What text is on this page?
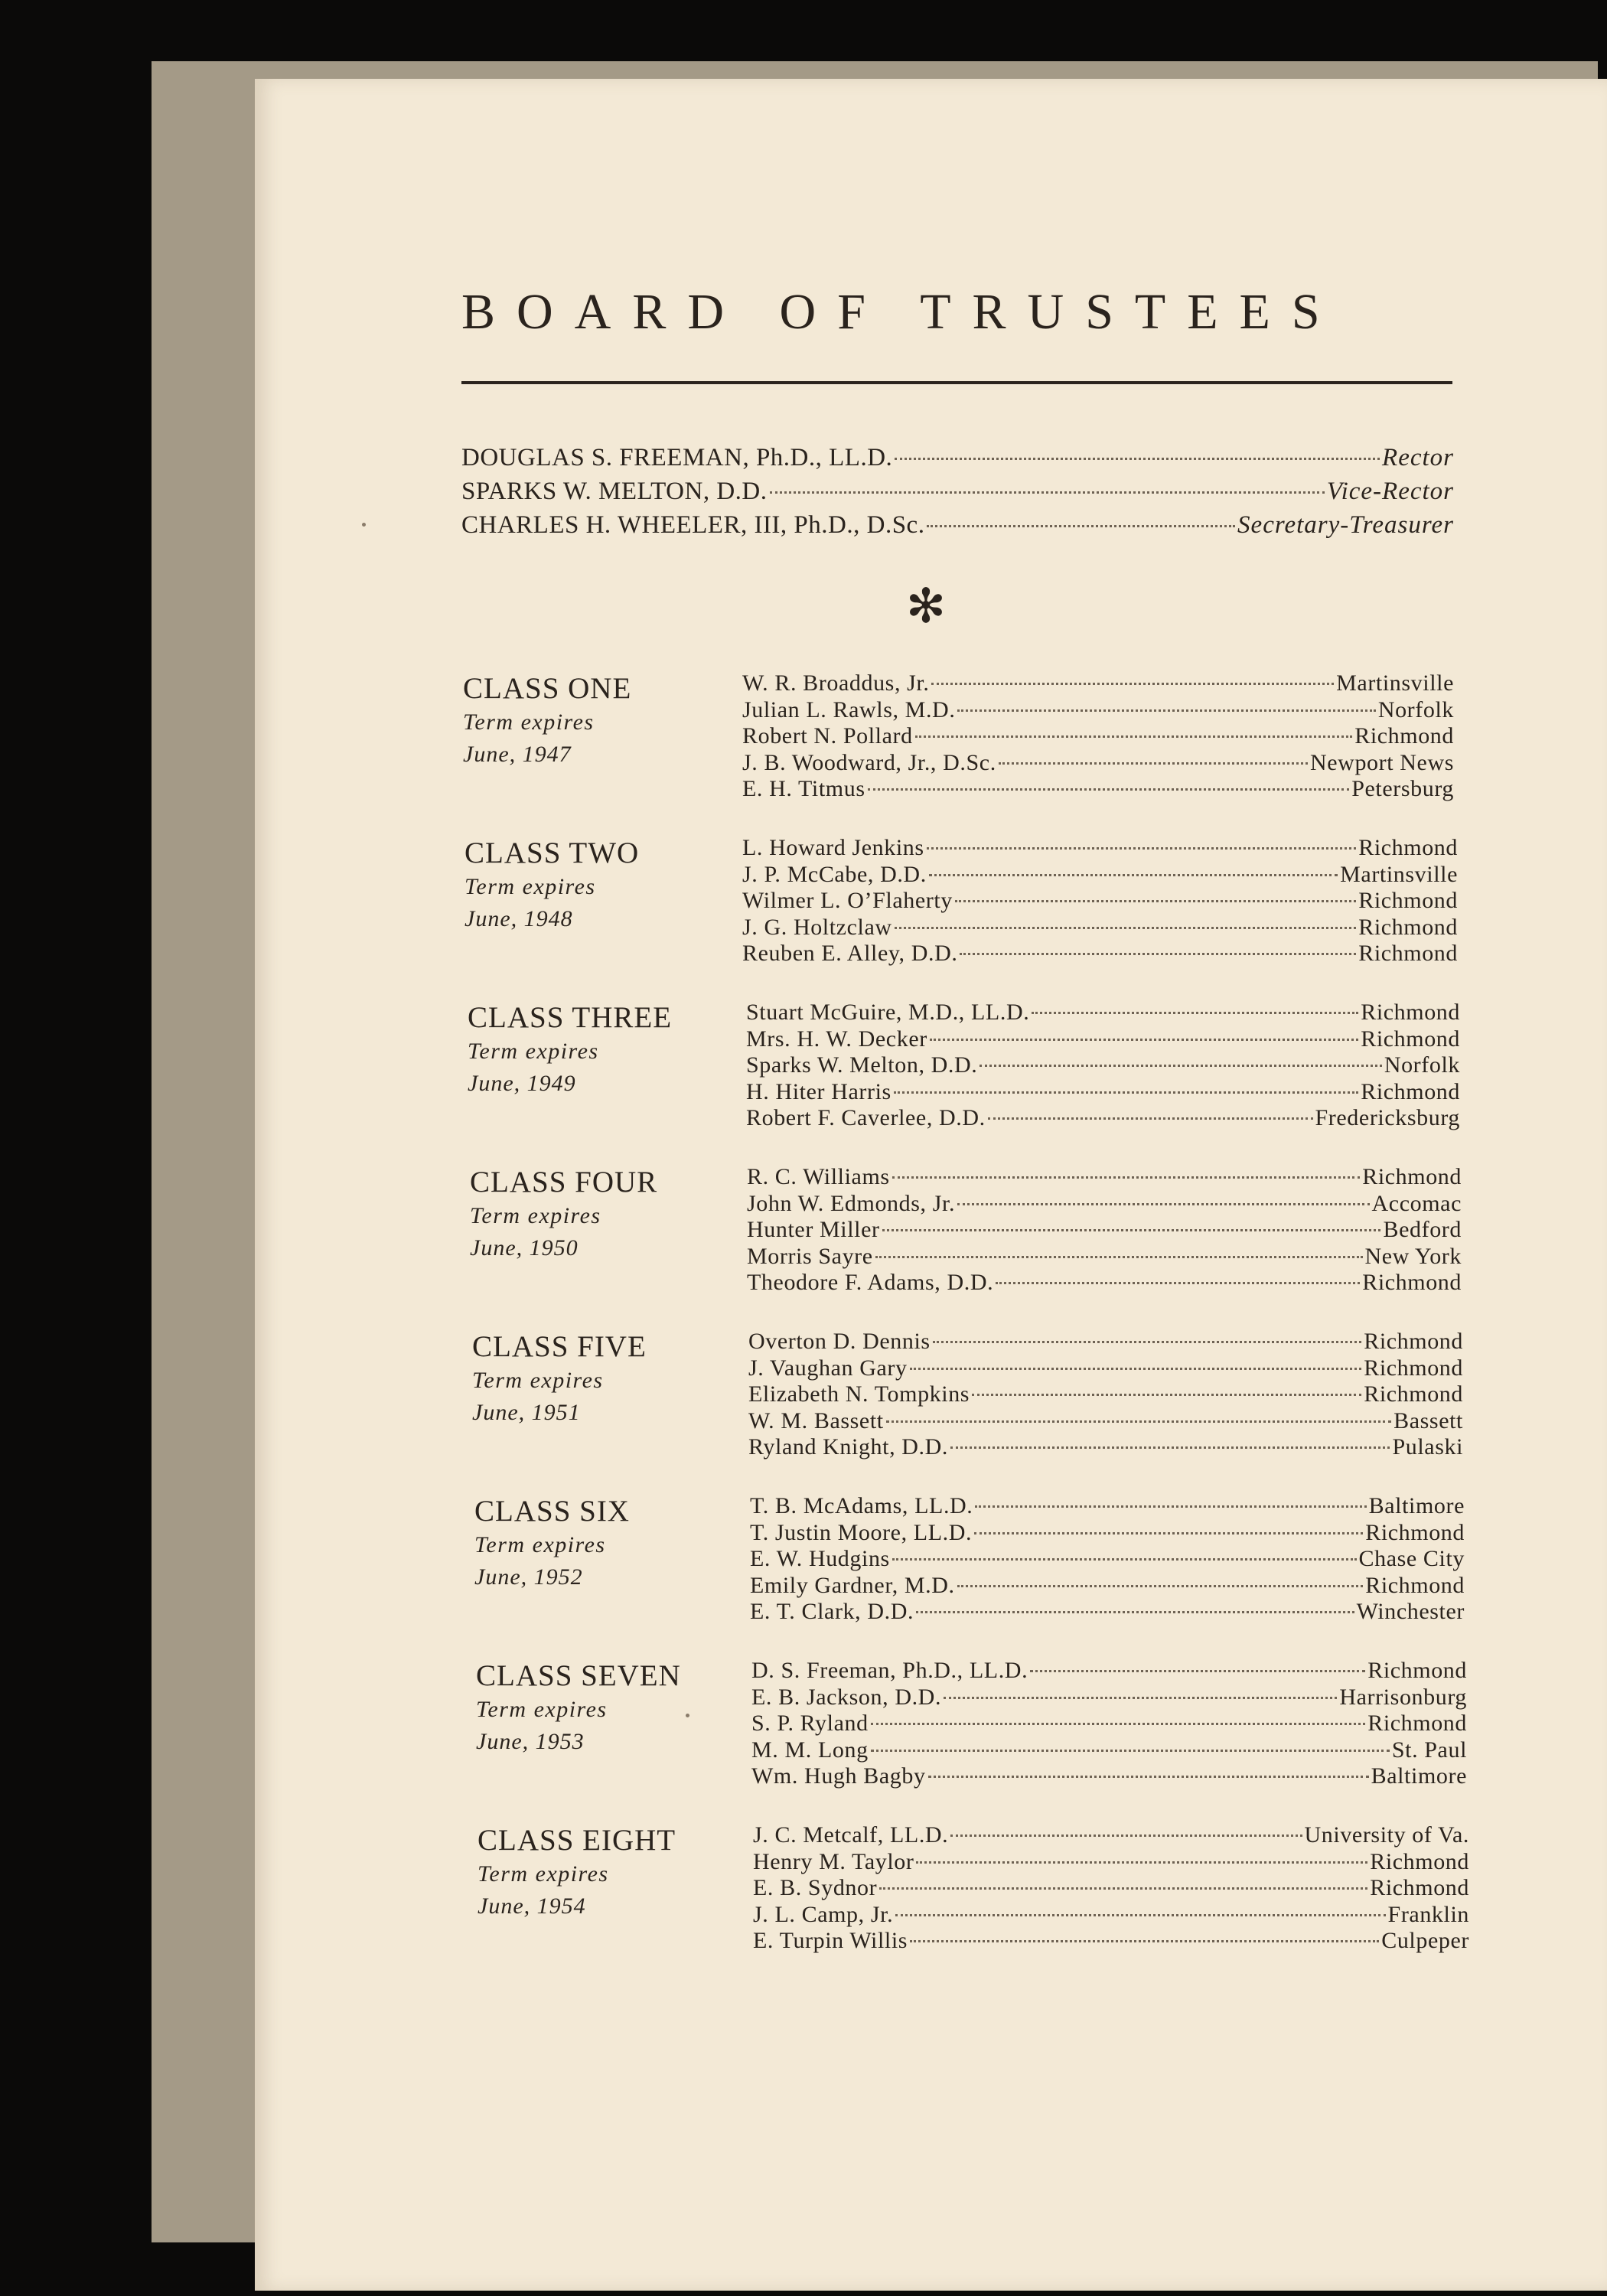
BOARD OF TRUSTEES
DOUGLAS S. FREEMAN, Ph.D., LL.D.	Rector
SPARKS W. MELTON, D.D.	Vice-Rector
CHARLES H. WHEELER, III, Ph.D., D.Sc.	Secretary-Treasurer
✻
CLASS ONE
Term expires
June, 1947
W. R. Broaddus, Jr.	Martinsville
Julian L. Rawls, M.D.	Norfolk
Robert N. Pollard	Richmond
J. B. Woodward, Jr., D.Sc.	Newport News
E. H. Titmus	Petersburg
CLASS TWO
Term expires
June, 1948
L. Howard Jenkins	Richmond
J. P. McCabe, D.D.	Martinsville
Wilmer L. O’Flaherty	Richmond
J. G. Holtzclaw	Richmond
Reuben E. Alley, D.D.	Richmond
CLASS THREE
Term expires
June, 1949
Stuart McGuire, M.D., LL.D.	Richmond
Mrs. H. W. Decker	Richmond
Sparks W. Melton, D.D.	Norfolk
H. Hiter Harris	Richmond
Robert F. Caverlee, D.D.	Fredericksburg
CLASS FOUR
Term expires
June, 1950
R. C. Williams	Richmond
John W. Edmonds, Jr.	Accomac
Hunter Miller	Bedford
Morris Sayre	New York
Theodore F. Adams, D.D.	Richmond
CLASS FIVE
Term expires
June, 1951
Overton D. Dennis	Richmond
J. Vaughan Gary	Richmond
Elizabeth N. Tompkins	Richmond
W. M. Bassett	Bassett
Ryland Knight, D.D.	Pulaski
CLASS SIX
Term expires
June, 1952
T. B. McAdams, LL.D.	Baltimore
T. Justin Moore, LL.D.	Richmond
E. W. Hudgins	Chase City
Emily Gardner, M.D.	Richmond
E. T. Clark, D.D.	Winchester
CLASS SEVEN
Term expires
June, 1953
D. S. Freeman, Ph.D., LL.D.	Richmond
E. B. Jackson, D.D.	Harrisonburg
S. P. Ryland	Richmond
M. M. Long	St. Paul
Wm. Hugh Bagby	Baltimore
CLASS EIGHT
Term expires
June, 1954
J. C. Metcalf, LL.D.	University of Va.
Henry M. Taylor	Richmond
E. B. Sydnor	Richmond
J. L. Camp, Jr.	Franklin
E. Turpin Willis	Culpeper
